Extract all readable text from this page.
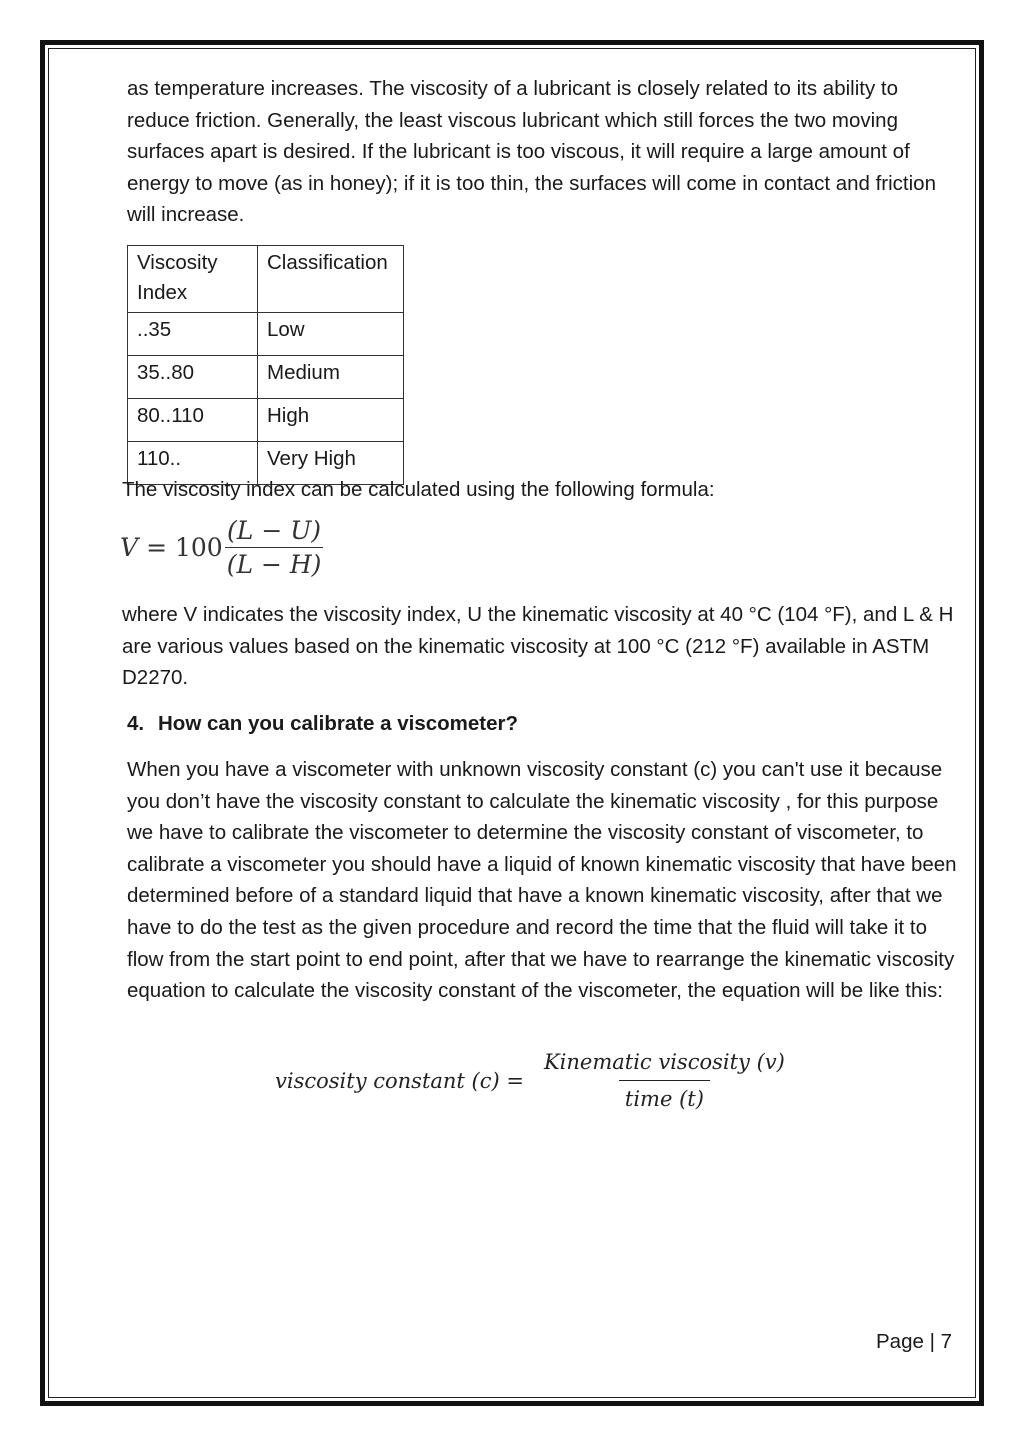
as temperature increases. The viscosity of a lubricant is closely related to its ability to reduce friction. Generally, the least viscous lubricant which still forces the two moving surfaces apart is desired. If the lubricant is too viscous, it will require a large amount of energy to move (as in honey); if it is too thin, the surfaces will come in contact and friction will increase.

Viscosity Index	Classification
..35	Low
35..80	Medium
80..110	High
110..	Very High

The viscosity index can be calculated using the following formula:

$V = 100 \frac{(L - U)}{(L - H)}$

where V indicates the viscosity index, U the kinematic viscosity at 40 °C (104 °F), and L & H are various values based on the kinematic viscosity at 100 °C (212 °F) available in ASTM D2270.

4. How can you calibrate a viscometer?

When you have a viscometer with unknown viscosity constant (c) you can't use it because you don’t have the viscosity constant to calculate the kinematic viscosity , for this purpose we have to calibrate the viscometer to determine the viscosity constant of viscometer, to calibrate a viscometer you should have a liquid of known kinematic viscosity that have been determined before of a standard liquid that have a known kinematic viscosity, after that we have to do the test as the given procedure and record the time that the fluid will take it to flow from the start point to end point, after that we have to rearrange the kinematic viscosity equation to calculate the viscosity constant of the viscometer, the equation will be like this:

viscosity constant $(c) = \frac{\text{Kinematic viscosity (v)}}{\text{time (t)}}$
Page | 7
